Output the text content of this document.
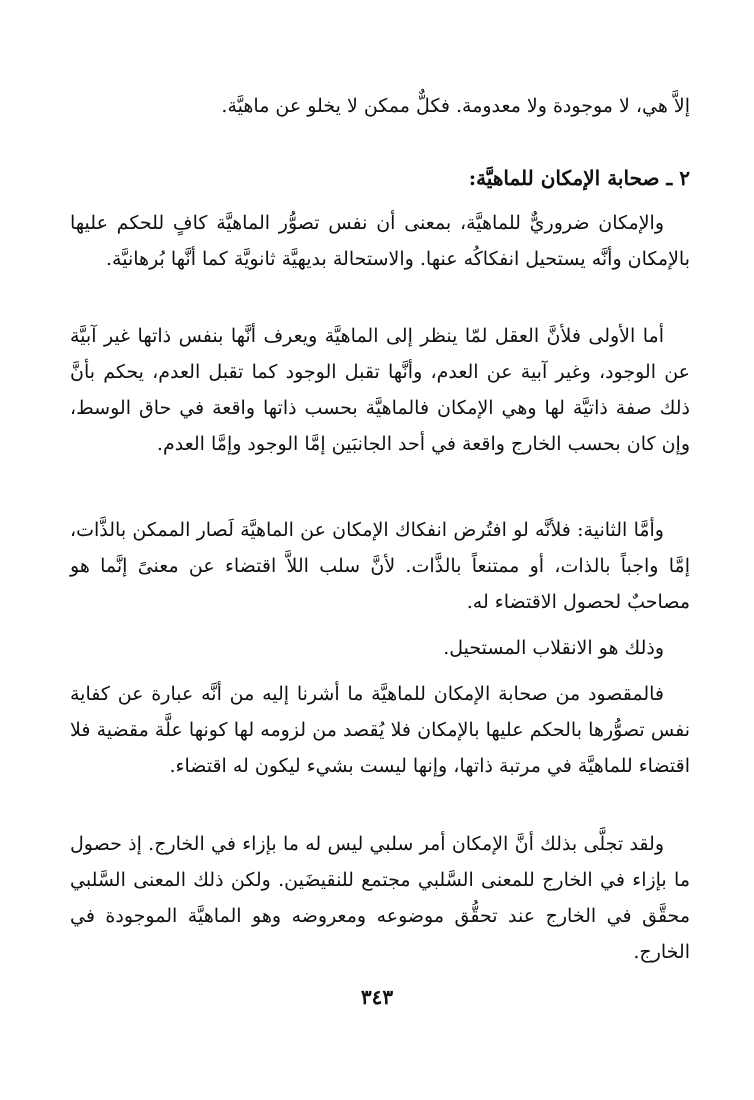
إلاَّ هي، لا موجودة ولا معدومة. فكلٌّ ممكن لا يخلو عن ماهيَّة.
٢ ـ صحابة الإمكان للماهيَّة:
والإمكان ضروريٌّ للماهيَّة، بمعنى أن نفس تصوُّر الماهيَّة كافٍ للحكم عليها بالإمكان وأنَّه يستحيل انفكاكُه عنها. والاستحالة بديهيَّة ثانويَّة كما أنَّها بُرهانيَّة.
أما الأولى فلأنَّ العقل لمّا ينظر إلى الماهيَّة ويعرف أنَّها بنفس ذاتها غير آبيَّة عن الوجود، وغير آبية عن العدم، وأنَّها تقبل الوجود كما تقبل العدم، يحكم بأنَّ ذلك صفة ذاتيَّة لها وهي الإمكان فالماهيَّة بحسب ذاتها واقعة في حاق الوسط، وإن كان بحسب الخارج واقعة في أحد الجانبَين إمَّا الوجود وإمَّا العدم.
وأمَّا الثانية: فلأنَّه لو افتُرض انفكاك الإمكان عن الماهيَّة لَصار الممكن بالذَّات، إمَّا واجباً بالذات، أو ممتنعاً بالذَّات. لأنَّ سلب اللاَّ اقتضاء عن معنىً إنَّما هو مصاحبٌ لحصول الاقتضاء له.
وذلك هو الانقلاب المستحيل.
فالمقصود من صحابة الإمكان للماهيَّة ما أشرنا إليه من أنَّه عبارة عن كفاية نفس تصوُّرها بالحكم عليها بالإمكان فلا يُقصد من لزومه لها كونها علَّة مقضية فلا اقتضاء للماهيَّة في مرتبة ذاتها، وإنها ليست بشيء ليكون له اقتضاء.
ولقد تجلَّى بذلك أنَّ الإمكان أمر سلبي ليس له ما بإزاء في الخارج. إذ حصول ما بإزاء في الخارج للمعنى السَّلبي مجتمع للنقيضَين. ولكن ذلك المعنى السَّلبي محقَّق في الخارج عند تحقُّق موضوعه ومعروضه وهو الماهيَّة الموجودة في الخارج.
٣٤٣
